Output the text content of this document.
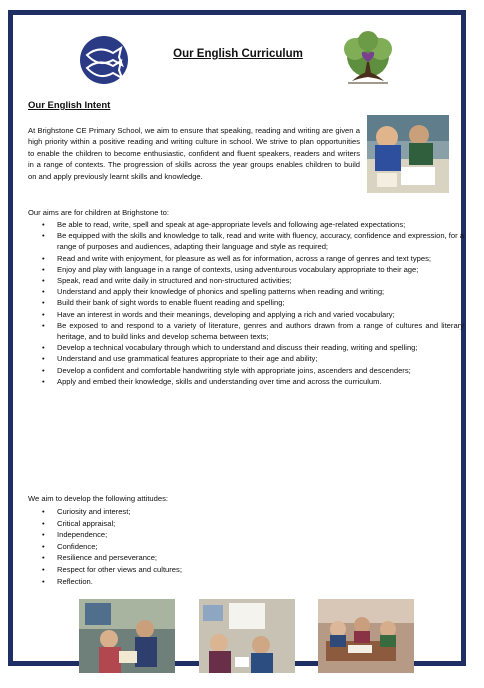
Our English Curriculum
Our English Intent

At Brighstone CE Primary School, we aim to ensure that speaking, reading and writing are given a high priority within a positive reading and writing culture in school. We strive to plan opportunities to enable the children to become enthusiastic, confident and fluent speakers, readers and writers in a range of contexts. The progression of skills across the year groups enables children to build on and apply previously learnt skills and knowledge.

Our aims are for children at Brighstone to:
• Be able to read, write, spell and speak at age-appropriate levels and following age-related expectations;
• Be equipped with the skills and knowledge to talk, read and write with fluency, accuracy, confidence and expression, for a range of purposes and audiences, adapting their language and style as required;
• Read and write with enjoyment, for pleasure as well as for information, across a range of genres and text types;
• Enjoy and play with language in a range of contexts, using adventurous vocabulary appropriate to their age;
• Speak, read and write daily in structured and non-structured activities;
• Understand and apply their knowledge of phonics and spelling patterns when reading and writing;
• Build their bank of sight words to enable fluent reading and spelling;
• Have an interest in words and their meanings, developing and applying a rich and varied vocabulary;
• Be exposed to and respond to a variety of literature, genres and authors drawn from a range of cultures and literary heritage, and to build links and develop schema between texts;
• Develop a technical vocabulary through which to understand and discuss their reading, writing and spelling;
• Understand and use grammatical features appropriate to their age and ability;
• Develop a confident and comfortable handwriting style with appropriate joins, ascenders and descenders;
• Apply and embed their knowledge, skills and understanding over time and across the curriculum.
We aim to develop the following attitudes:
• Curiosity and interest;
• Critical appraisal;
• Independence;
• Confidence;
• Resilience and perseverance;
• Respect for other views and cultures;
• Reflection.
